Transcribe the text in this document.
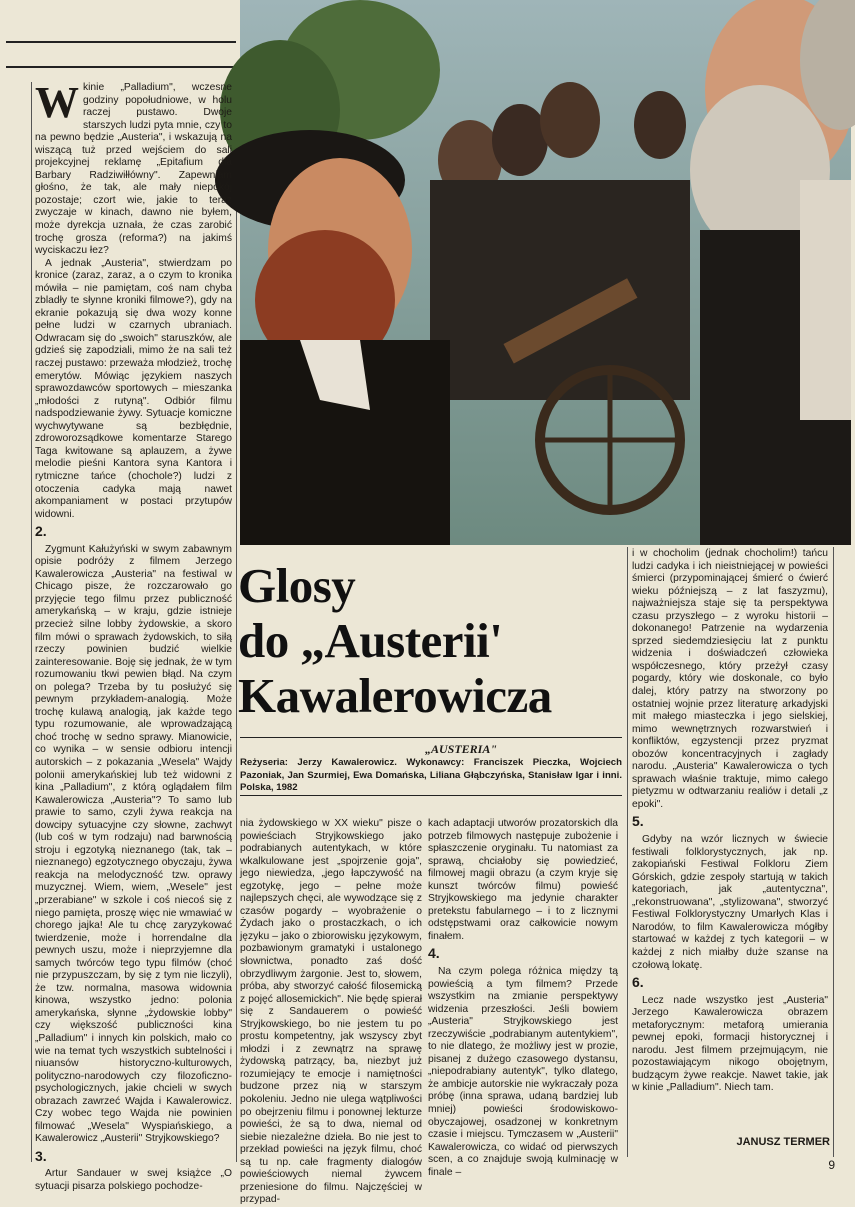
W kinie „Palladium", wczesne godziny popołudniowe, w holu raczej pustawo. Dwoje starszych ludzi pyta mnie, czy to na pewno będzie „Austeria", i wskazują na wiszącą tuż przed wejściem do sali projekcyjnej reklamę „Epitafium dla Barbary Radziwiłłówny". Zapewniam głośno, że tak, ale mały niepokój pozostaje; czort wie, jakie to teraz zwyczaje w kinach, dawno nie byłem, może dyrekcja uznała, że czas zarobić trochę grosza (reforma?) na jakimś wyciskaczu łez?

A jednak „Austeria", stwierdzam po kronice (zaraz, zaraz, a o czym to kronika mówiła – nie pamiętam, coś nam chyba zbladły te słynne kroniki filmowe?), gdy na ekranie pokazują się dwa wozy konne pełne ludzi w czarnych ubraniach. Odwracam się do „swoich" staruszków, ale gdzieś się zapodziali, mimo że na sali też raczej pustawo: przeważa młodzież, trochę emerytów. Mówiąc językiem naszych sprawozdawców sportowych – mieszanka „młodości z rutyną". Odbiór filmu nadspodziewanie żywy. Sytuacje komiczne wychwytywane są bezbłędnie, zdroworozsądkowe komentarze Starego Taga kwitowane są aplauzem, a żywe melodie pieśni Kantora syna Kantora i rytmiczne tańce (chochole?) ludzi z otoczenia cadyka mają nawet akompaniament w postaci przytupów widowni.

2.

Zygmunt Kałużyński w swym zabawnym opisie podróży z filmem Jerzego Kawalerowicza „Austeria" na festiwal w Chicago pisze, że rozczarowało go przyjęcie tego filmu przez publiczność amerykańską – w kraju, gdzie istnieje przecież silne lobby żydowskie, a skoro film mówi o sprawach żydowskich, to siłą rzeczy powinien budzić wielkie zainteresowanie. Boję się jednak, że w tym rozumowaniu tkwi pewien błąd. Na czym on polega? Trzeba by tu posłużyć się pewnym przykładem-analogią. Może trochę kulawą analogią, jak każde tego typu rozumowanie, ale wprowadzającą choć trochę w sedno sprawy. Mianowicie, co wynika – w sensie odbioru intencji autorskich – z pokazania „Wesela" Wajdy polonii amerykańskiej lub też widowni z kina „Palladium", z którą oglądałem film Kawalerowicza „Austeria"? To samo lub prawie to samo, czyli żywa reakcja na dowcipy sytuacyjne czy słowne, zachwyt (lub coś w tym rodzaju) nad barwnością stroju i egzotyką nieznanego (tak, tak – nieznanego) egzotycznego obyczaju, żywa reakcja na melodyczność tzw. oprawy muzycznej. Wiem, wiem, „Wesele" jest „przerabiane" w szkole i coś niecoś się z niego pamięta, proszę więc nie wmawiać w chorego jajka! Ale tu chcę zaryzykować twierdzenie, może i horrendalne dla pewnych uszu, może i nieprzyjemne dla samych twórców tego typu filmów (choć nie przypuszczam, by się z tym nie liczyli), że tzw. normalna, masowa widownia kinowa, wszystko jedno: polonia amerykańska, słynne „żydowskie lobby" czy większość publiczności kina „Palladium" i innych kin polskich, mało co wie na temat tych wszystkich subtelności i niuansów historyczno-kulturowych, polityczno-narodowych czy filozoficzno-psychologicznych, jakie chcieli w swych obrazach zawrzeć Wajda i Kawalerowicz. Czy wobec tego Wajda nie powinien filmować „Wesela" Wyspiańskiego, a Kawalerowicz „Austerii" Stryjkowskiego?

3.

Artur Sandauer w swej książce „O sytuacji pisarza polskiego pochodze-

Glosy
do „Austerii'
Kawalerowicza
„AUSTERIA"
Reżyseria: Jerzy Kawalerowicz. Wykonawcy: Franciszek Pieczka, Wojciech Pazoniak, Jan Szurmiej, Ewa Domańska, Liliana Głąbczyńska, Stanisław Igar i inni. Polska, 1982

nia żydowskiego w XX wieku" pisze o powieściach Stryjkowskiego jako podrabianych autentykach, w które wkalkulowane jest „spojrzenie goja", jego niewiedza, „jego łapczywość na egzotykę, jego – pełne może najlepszych chęci, ale wywodzące się z czasów pogardy – wyobrażenie o Żydach jako o prostaczkach, o ich języku – jako o zbiorowisku językowym, pozbawionym gramatyki i ustalonego słownictwa, ponadto zaś dość obrzydliwym żargonie. Jest to, słowem, próba, aby stworzyć całość filosemicką z pojęć allosemickich". Nie będę spierał się z Sandauerem o powieść Stryjkowskiego, bo nie jestem tu po prostu kompetentny, jak wszyscy zbyt młodzi i z zewnątrz na sprawę żydowską patrzący, ba, niezbyt już rozumiejący te emocje i namiętności budzone przez nią w starszym pokoleniu. Jedno nie ulega wątpliwości po obejrzeniu filmu i ponownej lekturze powieści, że są to dwa, niemal od siebie niezależne dzieła. Bo nie jest to przekład powieści na język filmu, choć są tu np. całe fragmenty dialogów powieściowych niemal żywcem przeniesione do filmu. Najczęściej w przypad-

kach adaptacji utworów prozatorskich dla potrzeb filmowych następuje zubożenie i spłaszczenie oryginału. Tu natomiast za sprawą, chciałoby się powiedzieć, filmowej magii obrazu (a czym kryje się kunszt twórców filmu) powieść Stryjkowskiego ma jedynie charakter pretekstu fabularnego – i to z licznymi odstępstwami oraz całkowicie nowym finałem.

4.

Na czym polega różnica między tą powieścią a tym filmem? Przede wszystkim na zmianie perspektywy widzenia przeszłości. Jeśli bowiem „Austeria" Stryjkowskiego jest rzeczywiście „podrabianym autentykiem", to nie dlatego, że możliwy jest w prozie, pisanej z dużego czasowego dystansu, „niepodrabiany autentyk", tylko dlatego, że ambicje autorskie nie wykraczały poza próbę (inna sprawa, udaną bardziej lub mniej) powieści środowiskowo-obyczajowej, osadzonej w konkretnym czasie i miejscu. Tymczasem w „Austerii" Kawalerowicza, co widać od pierwszych scen, a co znajduje swoją kulminację w finale –

i w chocholim (jednak chocholim!) tańcu ludzi cadyka i ich nieistniejącej w powieści śmierci (przypominającej śmierć o ćwierć wieku późniejszą – z lat faszyzmu), najważniejsza staje się ta perspektywa czasu przyszłego – z wyroku historii – dokonanego! Patrzenie na wydarzenia sprzed siedemdziesięciu lat z punktu widzenia i doświadczeń człowieka współczesnego, który przeżył czasy pogardy, który wie doskonale, co było dalej, który patrzy na stworzony po ostatniej wojnie przez literaturę arkadyjski mit małego miasteczka i jego sielskiej, mimo wewnętrznych rozwarstwień i konfliktów, egzystencji przez pryzmat obozów koncentracyjnych i zagłady narodu. „Austeria" Kawalerowicza o tych sprawach właśnie traktuje, mimo całego pietyzmu w odtwarzaniu realiów i detali „z epoki".

5.

Gdyby na wzór licznych w świecie festiwali folklorystycznych, jak np. zakopiański Festiwal Folkloru Ziem Górskich, gdzie zespoły startują w takich kategoriach, jak „autentyczna", „rekonstruowana", „stylizowana", stworzyć Festiwal Folklorystyczny Umarłych Klas i Narodów, to film Kawalerowicza mógłby startować w każdej z tych kategorii – w każdej z nich miałby duże szanse na czołową lokatę.

6.

Lecz nade wszystko jest „Austeria" Jerzego Kawalerowicza obrazem metaforycznym: metaforą umierania pewnej epoki, formacji historycznej i narodu. Jest filmem przejmującym, nie pozostawiającym nikogo obojętnym, budzącym żywe reakcje. Nawet takie, jak w kinie „Palladium". Niech tam.

JANUSZ TERMER
9
